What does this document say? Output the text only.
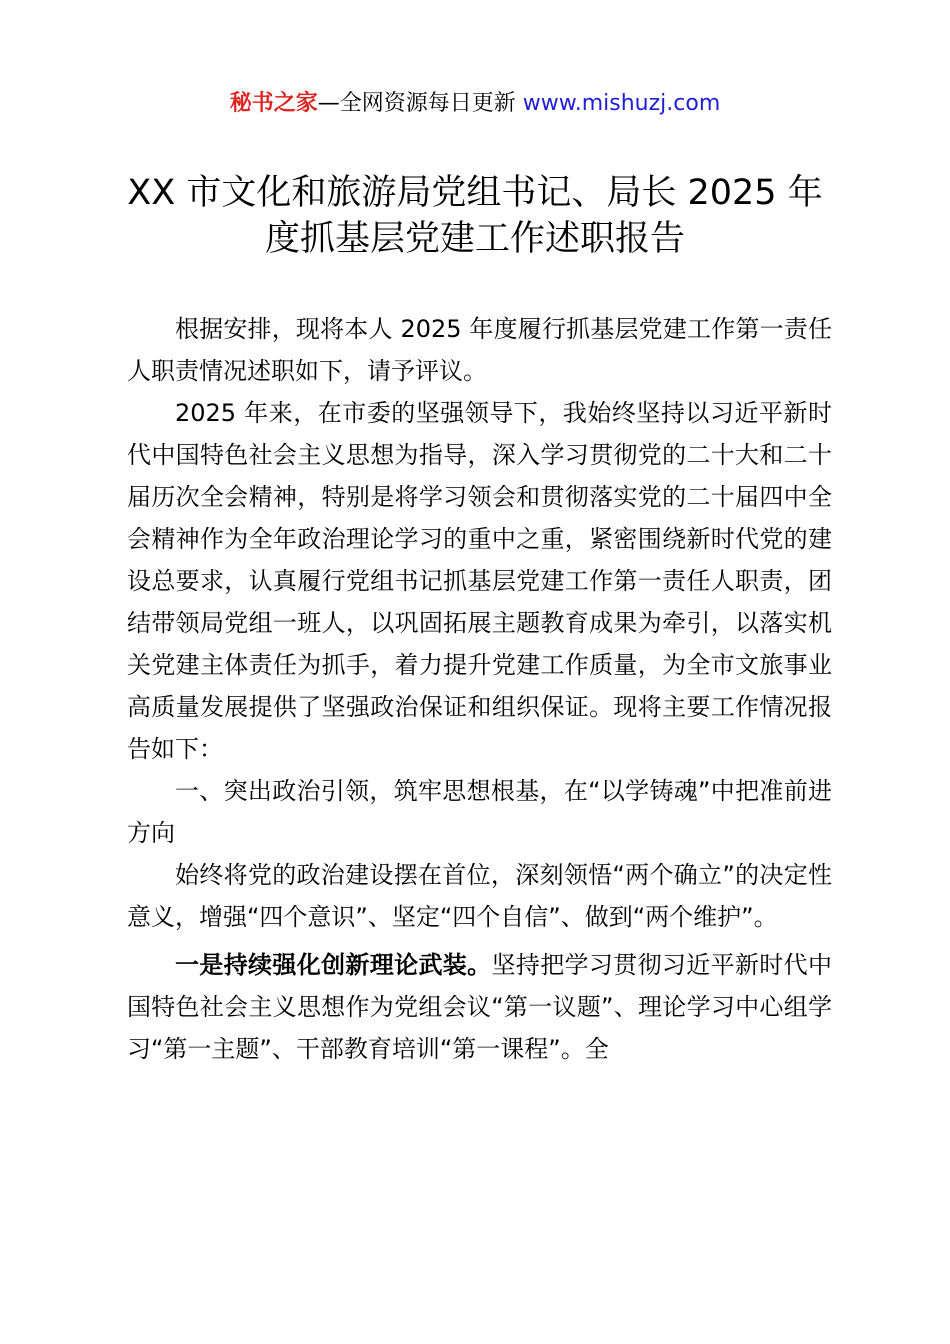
秘书之家—全网资源每日更新 www.mishuzj.com
XX 市文化和旅游局党组书记、局长 2025 年
度抓基层党建工作述职报告

根据安排，现将本人 2025 年度履行抓基层党建工作第一责任人职责情况述职如下，请予评议。

2025 年来，在市委的坚强领导下，我始终坚持以习近平新时代中国特色社会主义思想为指导，深入学习贯彻党的二十大和二十届历次全会精神，特别是将学习领会和贯彻落实党的二十届四中全会精神作为全年政治理论学习的重中之重，紧密围绕新时代党的建设总要求，认真履行党组书记抓基层党建工作第一责任人职责，团结带领局党组一班人，以巩固拓展主题教育成果为牵引，以落实机关党建主体责任为抓手，着力提升党建工作质量，为全市文旅事业高质量发展提供了坚强政治保证和组织保证。现将主要工作情况报告如下：

一、突出政治引领，筑牢思想根基，在“以学铸魂”中把准前进方向

始终将党的政治建设摆在首位，深刻领悟“两个确立”的决定性意义，增强“四个意识”、坚定“四个自信”、做到“两个维护”。

一是持续强化创新理论武装。坚持把学习贯彻习近平新时代中国特色社会主义思想作为党组会议“第一议题”、理论学习中心组学习“第一主题”、干部教育培训“第一课程”。全
